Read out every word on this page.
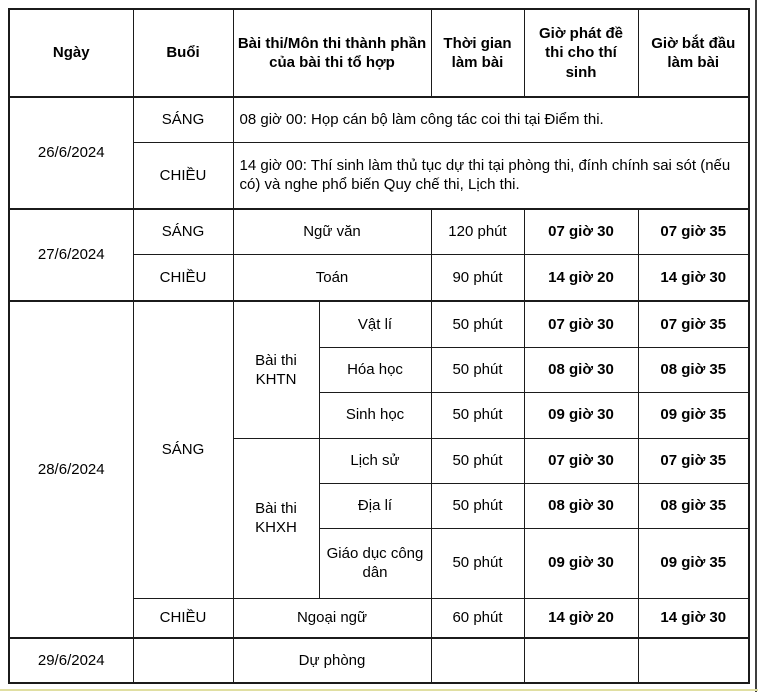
Ngày	Buổi	Bài thi/Môn thi thành phần của bài thi tổ hợp		Thời gian làm bài	Giờ phát đề thi cho thí sinh	Giờ bắt đầu làm bài
26/6/2024	SÁNG	08 giờ 00: Họp cán bộ làm công tác coi thi tại Điểm thi.				
	CHIỀU	14 giờ 00: Thí sinh làm thủ tục dự thi tại phòng thi, đính chính sai sót (nếu có) và nghe phổ biến Quy chế thi, Lịch thi.				
27/6/2024	SÁNG	Ngữ văn		120 phút	07 giờ 30	07 giờ 35
	CHIỀU	Toán		90 phút	14 giờ 20	14 giờ 30
28/6/2024	SÁNG	Bài thi KHTN	Vật lí	50 phút	07 giờ 30	07 giờ 35
			Hóa học	50 phút	08 giờ 30	08 giờ 35
			Sinh học	50 phút	09 giờ 30	09 giờ 35
		Bài thi KHXH	Lịch sử	50 phút	07 giờ 30	07 giờ 35
			Địa lí	50 phút	08 giờ 30	08 giờ 35
			Giáo dục công dân	50 phút	09 giờ 30	09 giờ 35
	CHIỀU	Ngoại ngữ		60 phút	14 giờ 20	14 giờ 30
29/6/2024		Dự phòng				
